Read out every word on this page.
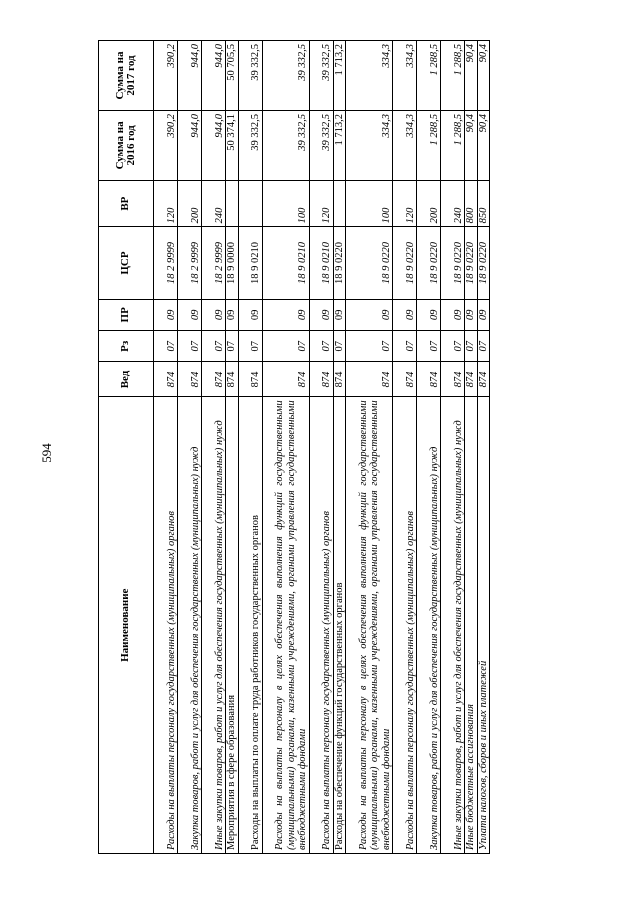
594
Наименование	Вед	Рз	ПР	ЦСР	ВР	Сумма на 2016 год	Сумма на 2017 год
Расходы на выплаты персоналу государственных (муниципальных) органов	874	07	09	18 2 9999	120	390,2	390,2
Закупка товаров, работ и услуг для обеспечения государственных (муниципальных) нужд	874	07	09	18 2 9999	200	944,0	944,0
Иные закупки товаров, работ и услуг для обеспечения государственных (муниципальных) нужд	874	07	09	18 2 9999	240	944,0	944,0
Мероприятия в сфере образования	874	07	09	18 9 0000		50 374,1	50 705,5
Расходы на выплаты по оплате труда работников государственных органов	874	07	09	18 9 0210		39 332,5	39 332,5
Расходы на выплаты персоналу в целях обеспечения выполнения функций государственными (муниципальными) органами, казенными учреждениями, органами управления государственными внебюджетными фондами	874	07	09	18 9 0210	100	39 332,5	39 332,5
Расходы на выплаты персоналу государственных (муниципальных) органов	874	07	09	18 9 0210	120	39 332,5	39 332,5
Расходы на обеспечение функций государственных органов	874	07	09	18 9 0220		1 713,2	1 713,2
Расходы на выплаты персоналу в целях обеспечения выполнения функций государственными (муниципальными) органами, казенными учреждениями, органами управления государственными внебюджетными фондами	874	07	09	18 9 0220	100	334,3	334,3
Расходы на выплаты персоналу государственных (муниципальных) органов	874	07	09	18 9 0220	120	334,3	334,3
Закупка товаров, работ и услуг для обеспечения государственных (муниципальных) нужд	874	07	09	18 9 0220	200	1 288,5	1 288,5
Иные закупки товаров, работ и услуг для обеспечения государственных (муниципальных) нужд	874	07	09	18 9 0220	240	1 288,5	1 288,5
Иные бюджетные ассигнования	874	07	09	18 9 0220	800	90,4	90,4
Уплата налогов, сборов и иных платежей	874	07	09	18 9 0220	850	90,4	90,4
